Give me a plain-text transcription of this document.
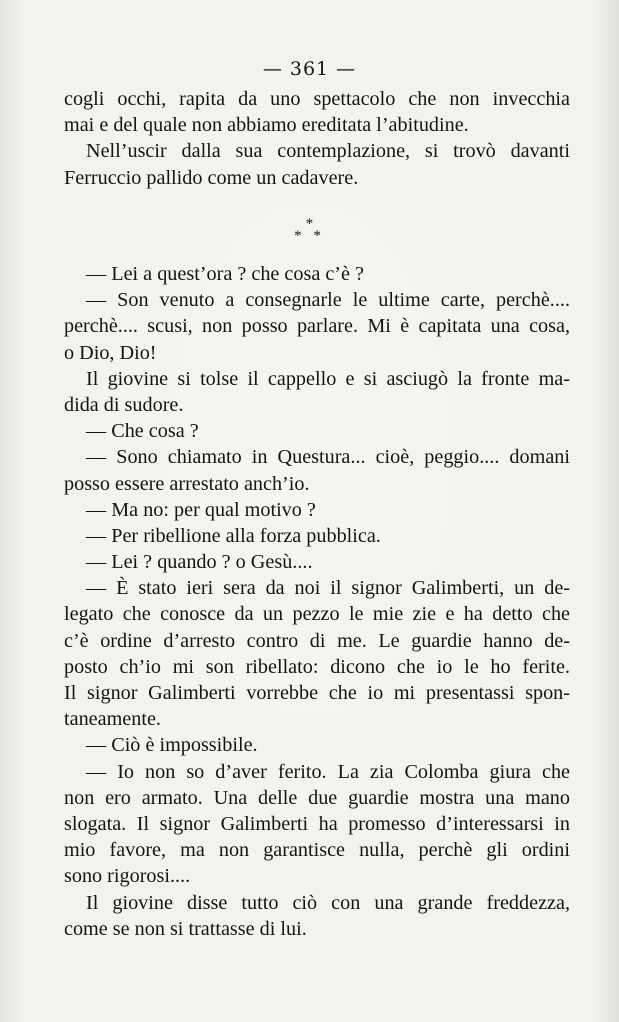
— 361 —
cogli occhi, rapita da uno spettacolo che non invecchia
mai e del quale non abbiamo ereditata l’abitudine.
Nell’uscir dalla sua contemplazione, si trovò davanti
Ferruccio pallido come un cadavere.
*
* *
— Lei a quest’ora ? che cosa c’è ?
— Son venuto a consegnarle le ultime carte, perchè....
perchè.... scusi, non posso parlare. Mi è capitata una cosa,
o Dio, Dio!
Il giovine si tolse il cappello e si asciugò la fronte ma-
dida di sudore.
— Che cosa ?
— Sono chiamato in Questura... cioè, peggio.... domani
posso essere arrestato anch’io.
— Ma no: per qual motivo ?
— Per ribellione alla forza pubblica.
— Lei ? quando ? o Gesù....
— È stato ieri sera da noi il signor Galimberti, un de-
legato che conosce da un pezzo le mie zie e ha detto che
c’è ordine d’arresto contro di me. Le guardie hanno de-
posto ch’io mi son ribellato: dicono che io le ho ferite.
Il signor Galimberti vorrebbe che io mi presentassi spon-
taneamente.
— Ciò è impossibile.
— Io non so d’aver ferito. La zia Colomba giura che
non ero armato. Una delle due guardie mostra una mano
slogata. Il signor Galimberti ha promesso d’interessarsi in
mio favore, ma non garantisce nulla, perchè gli ordini
sono rigorosi....
Il giovine disse tutto ciò con una grande freddezza,
come se non si trattasse di lui.
